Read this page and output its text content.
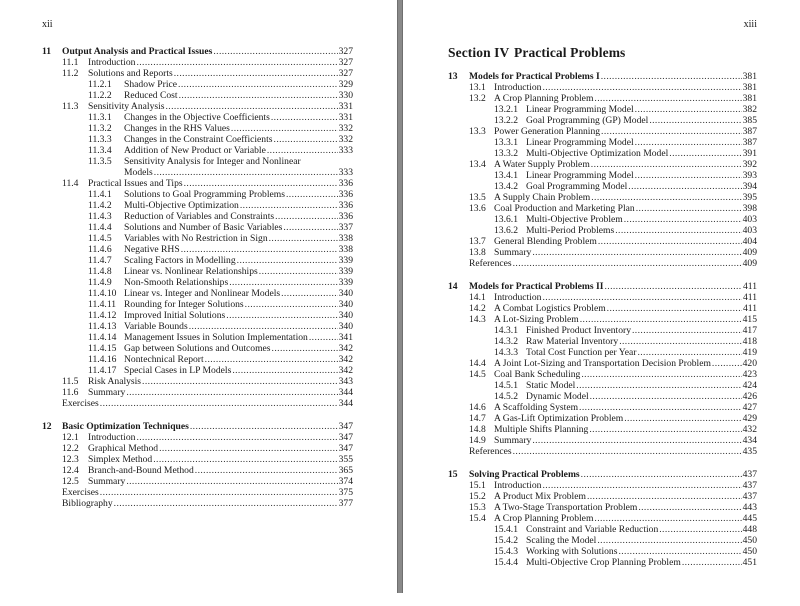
xii
11	Output Analysis and Practical Issues .....	327
11.1 Introduction .....	327
11.2 Solutions and Reports .....	327
11.2.1	Shadow Price .....	329
11.2.2	Reduced Cost .....	330
11.3 Sensitivity Analysis .....	331
11.3.1	Changes in the Objective Coefficients .....	331
11.3.2	Changes in the RHS Values .....	332
11.3.3	Changes in the Constraint Coefficients .....	332
11.3.4	Addition of New Product or Variable .....	333
11.3.5	Sensitivity Analysis for Integer and Nonlinear
Models .....	333
11.4 Practical Issues and Tips .....	336
11.4.1	Solutions to Goal Programming Problems .....	336
11.4.2	Multi-Objective Optimization .....	336
11.4.3	Reduction of Variables and Constraints .....	336
11.4.4	Solutions and Number of Basic Variables .....	337
11.4.5	Variables with No Restriction in Sign .....	338
11.4.6	Negative RHS .....	338
11.4.7	Scaling Factors in Modelling .....	339
11.4.8	Linear vs. Nonlinear Relationships .....	339
11.4.9	Non-Smooth Relationships .....	339
11.4.10 Linear vs. Integer and Nonlinear Models .....	340
11.4.11 Rounding for Integer Solutions .....	340
11.4.12 Improved Initial Solutions .....	340
11.4.13 Variable Bounds .....	340
11.4.14 Management Issues in Solution Implementation .....	341
11.4.15 Gap between Solutions and Outcomes .....	342
11.4.16 Nontechnical Report .....	342
11.4.17 Special Cases in LP Models .....	342
11.5 Risk Analysis .....	343
11.6 Summary .....	344
Exercises .....	344
12	Basic Optimization Techniques .....	347
12.1 Introduction .....	347
12.2 Graphical Method .....	347
12.3 Simplex Method .....	355
12.4 Branch-and-Bound Method .....	365
12.5 Summary .....	374
Exercises .....	375
Bibliography .....	377
xiii
Section IV Practical Problems
13	Models for Practical Problems I .....	381
13.1 Introduction .....	381
13.2 A Crop Planning Problem .....	381
13.2.1 Linear Programming Model .....	382
13.2.2 Goal Programming (GP) Model .....	385
13.3 Power Generation Planning .....	387
13.3.1 Linear Programming Model .....	387
13.3.2 Multi-Objective Optimization Model .....	391
13.4 A Water Supply Problem .....	392
13.4.1 Linear Programming Model .....	393
13.4.2 Goal Programming Model .....	394
13.5 A Supply Chain Problem .....	395
13.6 Coal Production and Marketing Plan .....	398
13.6.1 Multi-Objective Problem .....	403
13.6.2 Multi-Period Problems .....	403
13.7 General Blending Problem .....	404
13.8 Summary .....	409
References .....	409
14	Models for Practical Problems II .....	411
14.1 Introduction .....	411
14.2 A Combat Logistics Problem .....	411
14.3 A Lot-Sizing Problem .....	415
14.3.1 Finished Product Inventory .....	417
14.3.2 Raw Material Inventory .....	418
14.3.3 Total Cost Function per Year .....	419
14.4 A Joint Lot-Sizing and Transportation Decision Problem .....	420
14.5 Coal Bank Scheduling .....	423
14.5.1 Static Model .....	424
14.5.2 Dynamic Model .....	426
14.6 A Scaffolding System .....	427
14.7 A Gas-Lift Optimization Problem .....	429
14.8 Multiple Shifts Planning .....	432
14.9 Summary .....	434
References .....	435
15	Solving Practical Problems .....	437
15.1 Introduction .....	437
15.2 A Product Mix Problem .....	437
15.3 A Two-Stage Transportation Problem .....	443
15.4 A Crop Planning Problem .....	445
15.4.1 Constraint and Variable Reduction .....	448
15.4.2 Scaling the Model .....	450
15.4.3 Working with Solutions .....	450
15.4.4 Multi-Objective Crop Planning Problem .....	451
